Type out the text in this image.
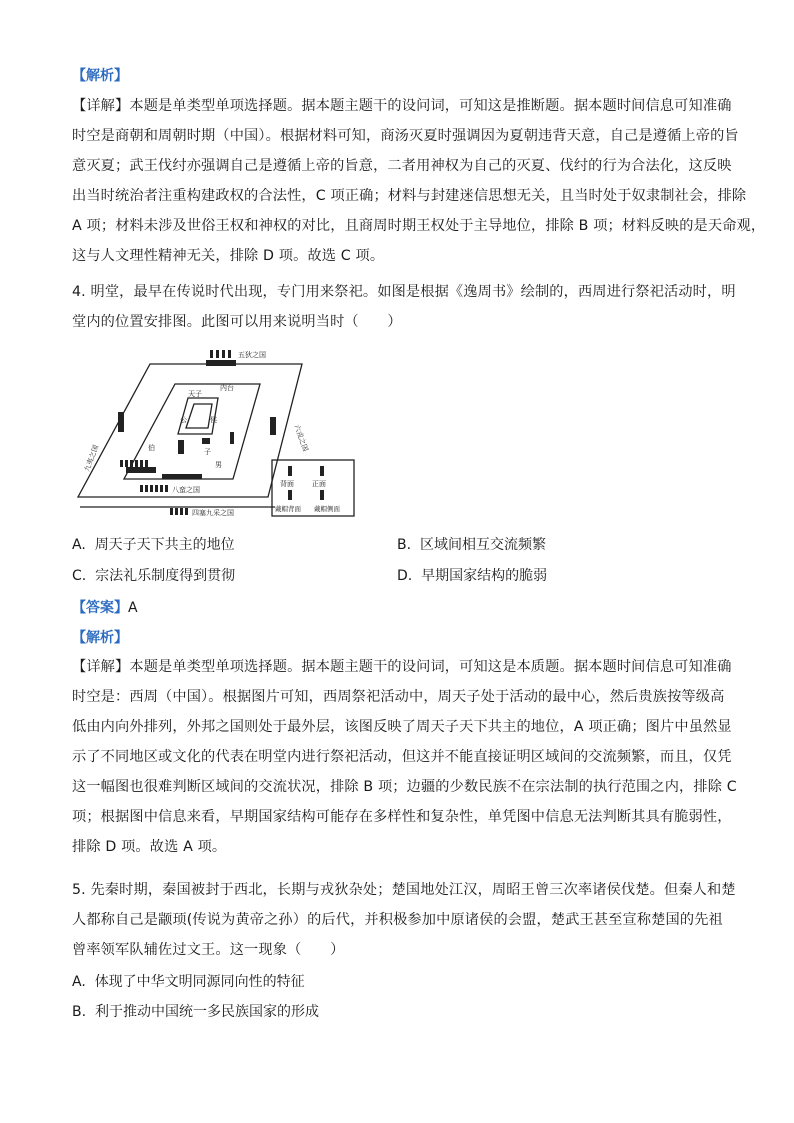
【解析】
【详解】本题是单类型单项选择题。据本题主题干的设问词，可知这是推断题。据本题时间信息可知准确
时空是商朝和周朝时期（中国）。根据材料可知，商汤灭夏时强调因为夏朝违背天意，自己是遵循上帝的旨
意灭夏；武王伐纣亦强调自己是遵循上帝的旨意，二者用神权为自己的灭夏、伐纣的行为合法化，这反映
出当时统治者注重构建政权的合法性，C 项正确；材料与封建迷信思想无关，且当时处于奴隶制社会，排除
A 项；材料未涉及世俗王权和神权的对比，且商周时期王权处于主导地位，排除 B 项；材料反映的是天命观，
这与人文理性精神无关，排除 D 项。故选 C 项。
4. 明堂，最早在传说时代出现，专门用来祭祀。如图是根据《逸周书》绘制的，西周进行祭祀活动时，明
堂内的位置安排图。此图可以用来说明当时（　　）
五狄之国
内台
天子
九夷之国
六戎之国
八蛮之国
四塞九采之国
公	侯
伯	子
男
背面	正面
戴帽背面 戴帽侧面
A. 周天子天下共主的地位	B. 区域间相互交流频繁
C. 宗法礼乐制度得到贯彻	D. 早期国家结构的脆弱
【答案】A
【解析】
【详解】本题是单类型单项选择题。据本题主题干的设问词，可知这是本质题。据本题时间信息可知准确
时空是：西周（中国）。根据图片可知，西周祭祀活动中，周天子处于活动的最中心，然后贵族按等级高
低由内向外排列，外邦之国则处于最外层，该图反映了周天子天下共主的地位，A 项正确；图片中虽然显
示了不同地区或文化的代表在明堂内进行祭祀活动，但这并不能直接证明区域间的交流频繁，而且，仅凭
这一幅图也很难判断区域间的交流状况，排除 B 项；边疆的少数民族不在宗法制的执行范围之内，排除 C
项；根据图中信息来看，早期国家结构可能存在多样性和复杂性，单凭图中信息无法判断其具有脆弱性，
排除 D 项。故选 A 项。
5. 先秦时期，秦国被封于西北，长期与戎狄杂处；楚国地处江汉，周昭王曾三次率诸侯伐楚。但秦人和楚
人都称自己是颛顼(传说为黄帝之孙）的后代，并积极参加中原诸侯的会盟，楚武王甚至宣称楚国的先祖
曾率领军队辅佐过文王。这一现象（　　）
A. 体现了中华文明同源同向性的特征
B. 利于推动中国统一多民族国家的形成
